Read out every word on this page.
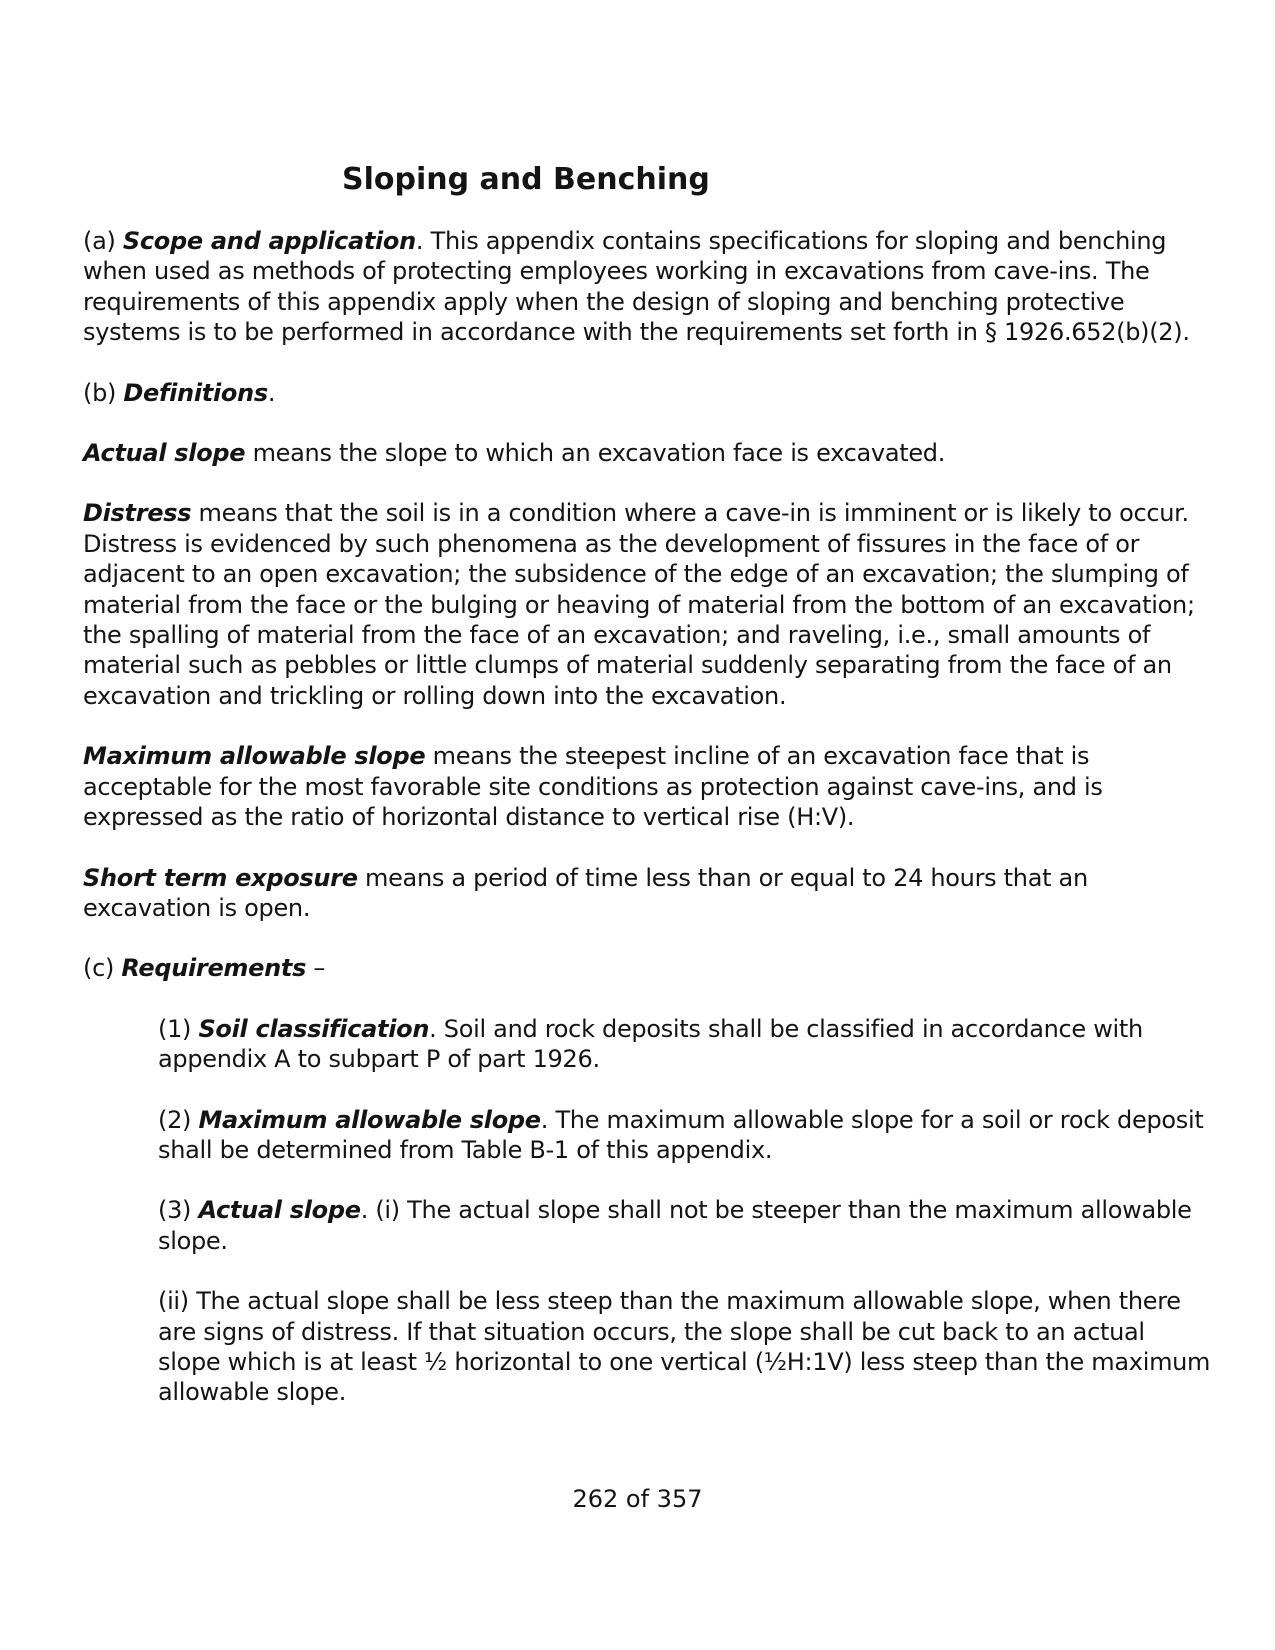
Sloping and Benching

(a) Scope and application. This appendix contains specifications for sloping and benching when used as methods of protecting employees working in excavations from cave-ins. The requirements of this appendix apply when the design of sloping and benching protective systems is to be performed in accordance with the requirements set forth in § 1926.652(b)(2).

(b) Definitions.

Actual slope means the slope to which an excavation face is excavated.

Distress means that the soil is in a condition where a cave-in is imminent or is likely to occur. Distress is evidenced by such phenomena as the development of fissures in the face of or adjacent to an open excavation; the subsidence of the edge of an excavation; the slumping of material from the face or the bulging or heaving of material from the bottom of an excavation; the spalling of material from the face of an excavation; and raveling, i.e., small amounts of material such as pebbles or little clumps of material suddenly separating from the face of an excavation and trickling or rolling down into the excavation.

Maximum allowable slope means the steepest incline of an excavation face that is acceptable for the most favorable site conditions as protection against cave-ins, and is expressed as the ratio of horizontal distance to vertical rise (H:V).

Short term exposure means a period of time less than or equal to 24 hours that an excavation is open.

(c) Requirements –

(1) Soil classification. Soil and rock deposits shall be classified in accordance with appendix A to subpart P of part 1926.

(2) Maximum allowable slope. The maximum allowable slope for a soil or rock deposit shall be determined from Table B-1 of this appendix.

(3) Actual slope. (i) The actual slope shall not be steeper than the maximum allowable slope.

(ii) The actual slope shall be less steep than the maximum allowable slope, when there are signs of distress. If that situation occurs, the slope shall be cut back to an actual slope which is at least ½ horizontal to one vertical (½H:1V) less steep than the maximum allowable slope.

262 of 357
